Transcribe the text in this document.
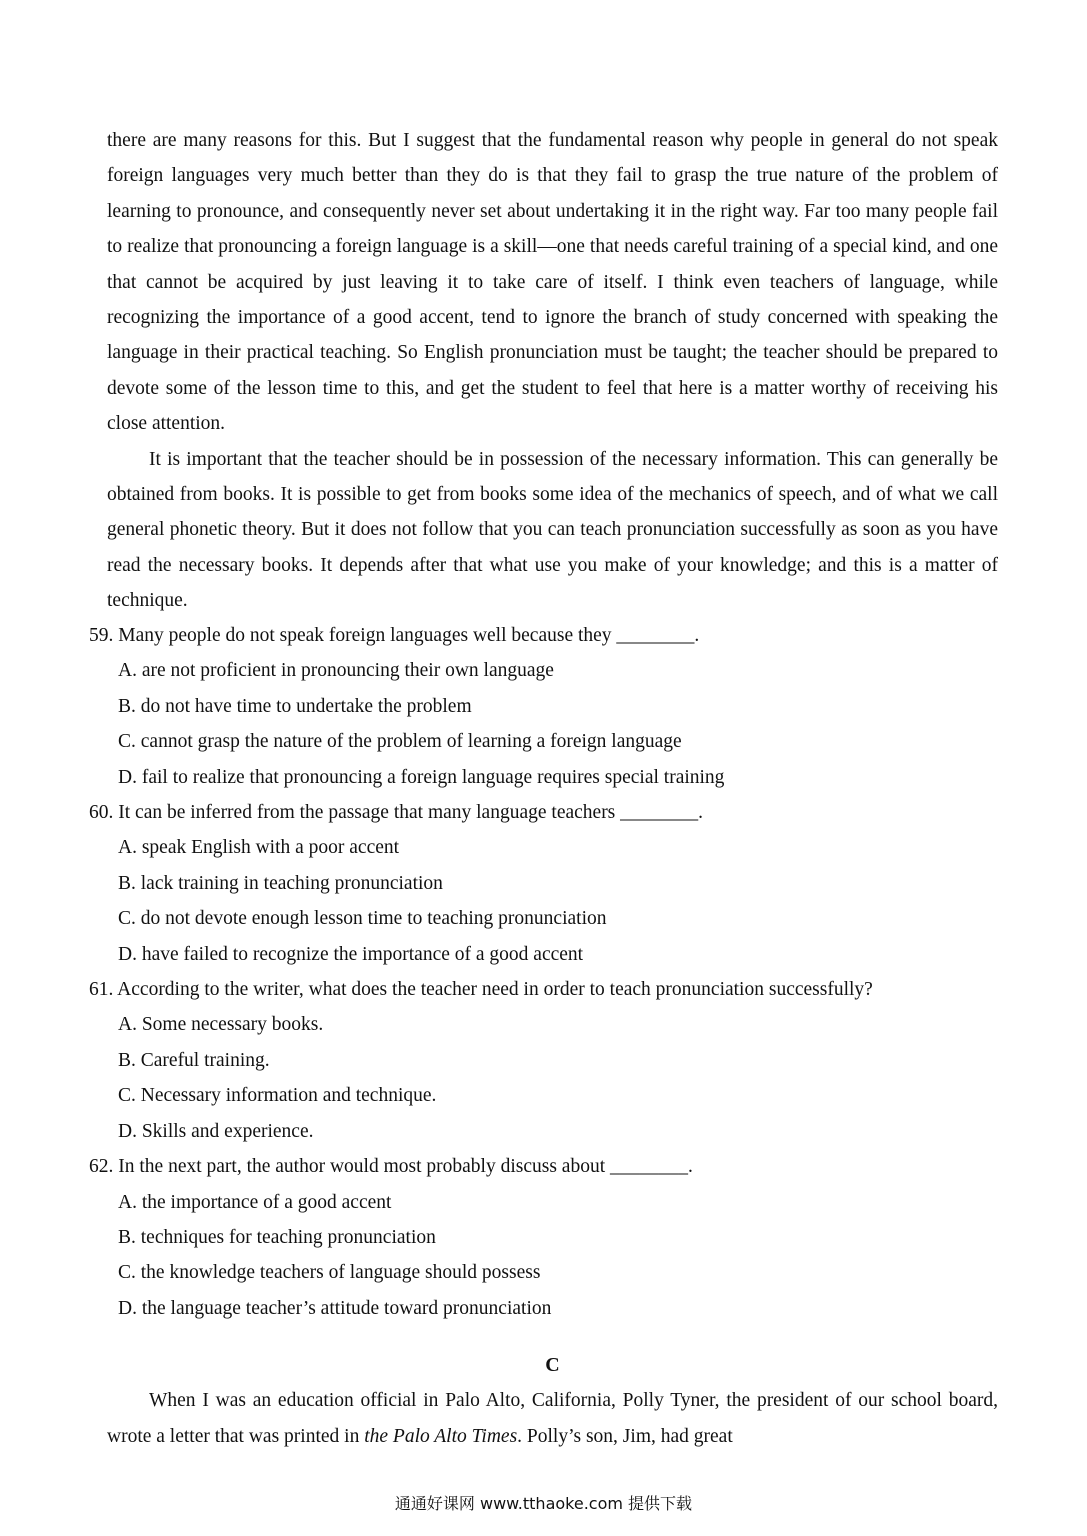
there are many reasons for this. But I suggest that the fundamental reason why people in general do not speak foreign languages very much better than they do is that they fail to grasp the true nature of the problem of learning to pronounce, and consequently never set about undertaking it in the right way. Far too many people fail to realize that pronouncing a foreign language is a skill—one that needs careful training of a special kind, and one that cannot be acquired by just leaving it to take care of itself. I think even teachers of language, while recognizing the importance of a good accent, tend to ignore the branch of study concerned with speaking the language in their practical teaching. So English pronunciation must be taught; the teacher should be prepared to devote some of the lesson time to this, and get the student to feel that here is a matter worthy of receiving his close attention.

It is important that the teacher should be in possession of the necessary information. This can generally be obtained from books. It is possible to get from books some idea of the mechanics of speech, and of what we call general phonetic theory. But it does not follow that you can teach pronunciation successfully as soon as you have read the necessary books. It depends after that what use you make of your knowledge; and this is a matter of technique.

59. Many people do not speak foreign languages well because they ________.
A. are not proficient in pronouncing their own language
B. do not have time to undertake the problem
C. cannot grasp the nature of the problem of learning a foreign language
D. fail to realize that pronouncing a foreign language requires special training
60. It can be inferred from the passage that many language teachers ________.
A. speak English with a poor accent
B. lack training in teaching pronunciation
C. do not devote enough lesson time to teaching pronunciation
D. have failed to recognize the importance of a good accent
61. According to the writer, what does the teacher need in order to teach pronunciation successfully?
A. Some necessary books.
B. Careful training.
C. Necessary information and technique.
D. Skills and experience.
62. In the next part, the author would most probably discuss about ________.
A. the importance of a good accent
B. techniques for teaching pronunciation
C. the knowledge teachers of language should possess
D. the language teacher’s attitude toward pronunciation
C

When I was an education official in Palo Alto, California, Polly Tyner, the president of our school board, wrote a letter that was printed in the Palo Alto Times. Polly’s son, Jim, had great

通通好课网 www.tthaoke.com 提供下载
